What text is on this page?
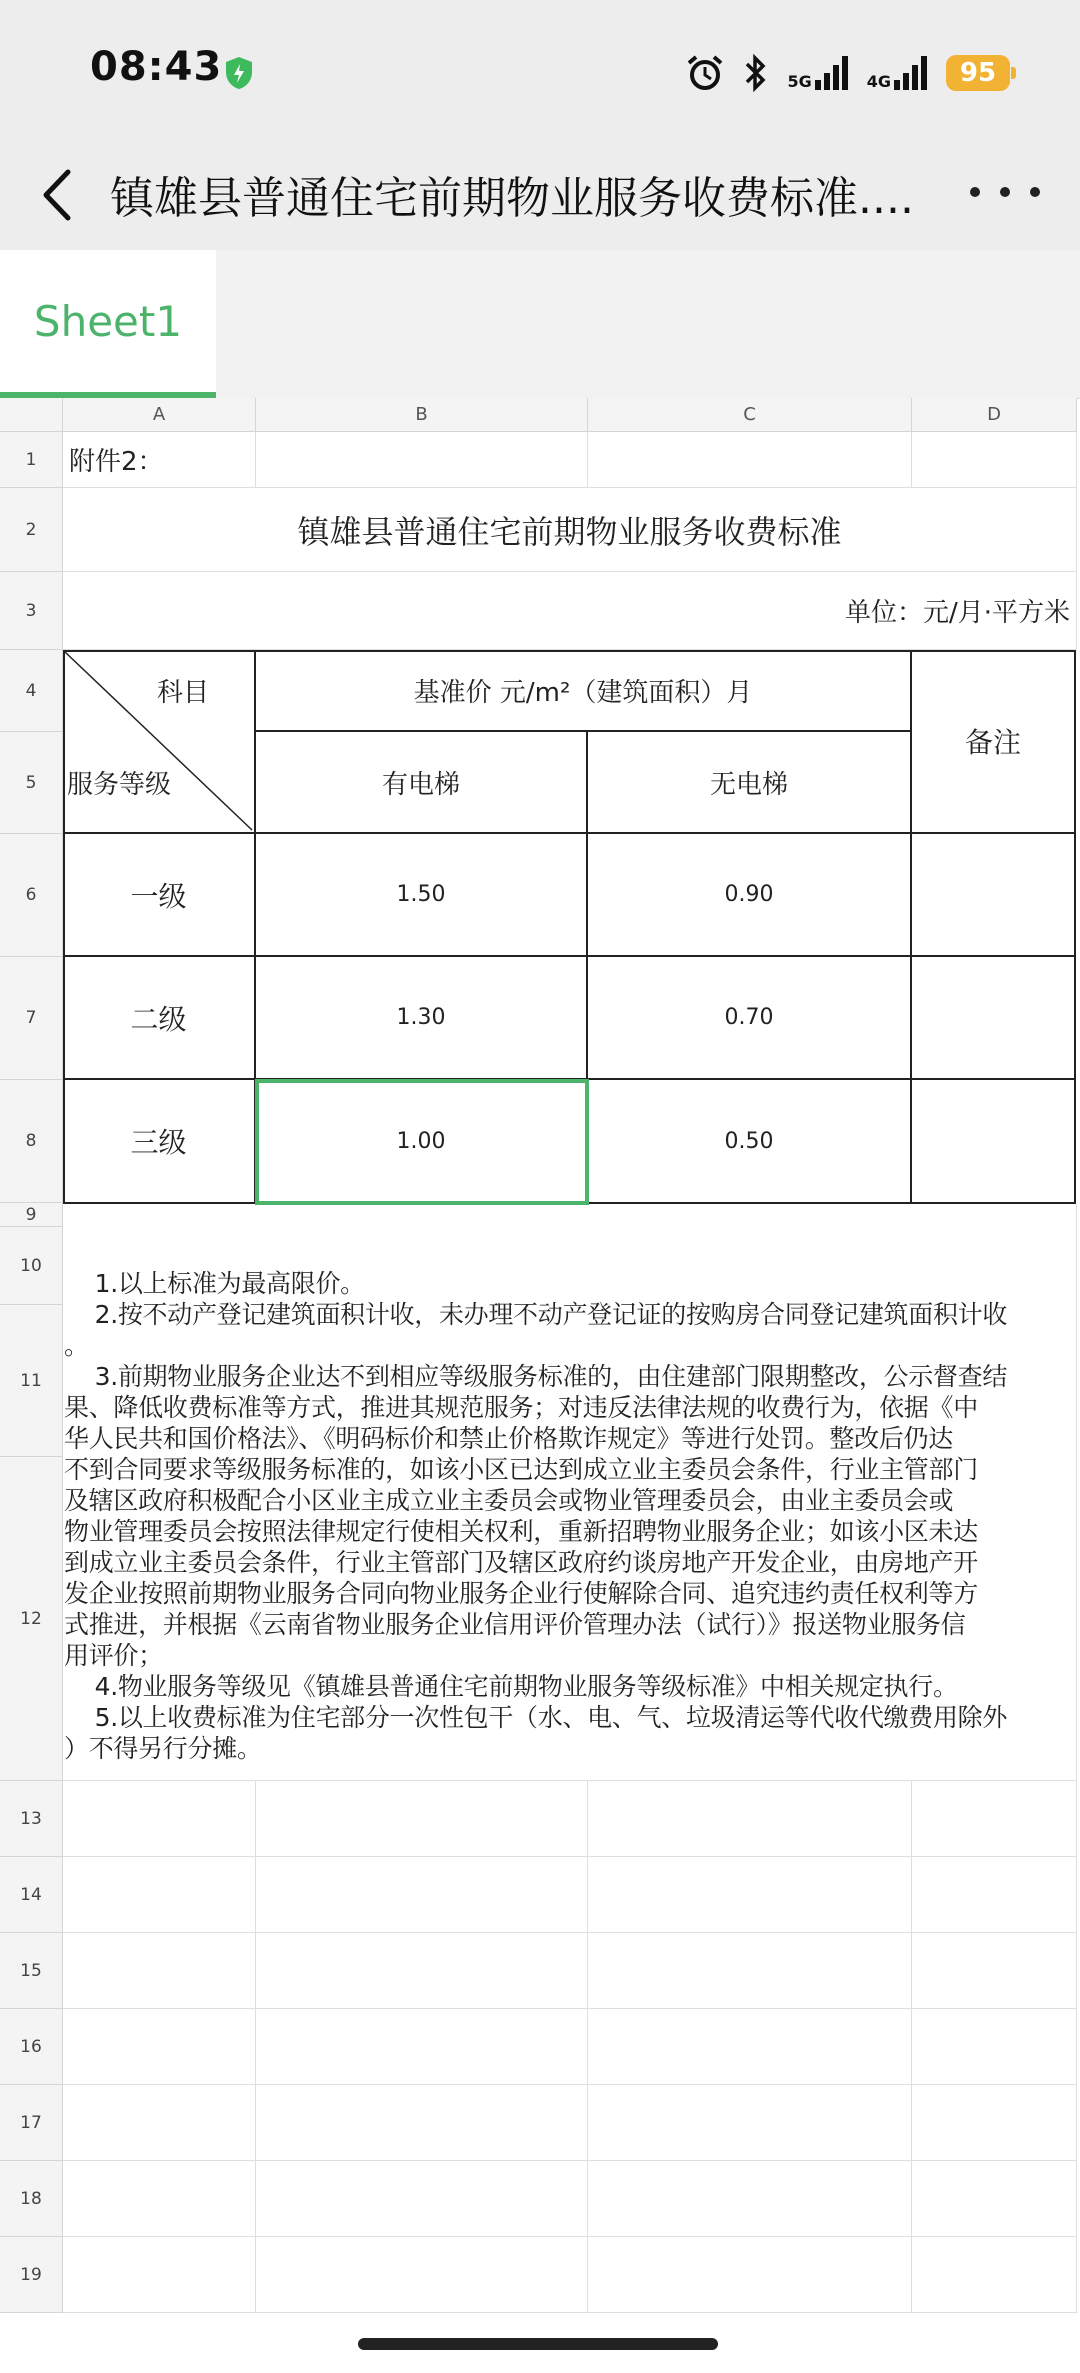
08:43	5G	4G	95
镇雄县普通住宅前期物业服务收费标准....
Sheet1
A	B	C	D
1
2
3
4
5
6
7
8
9
10
11
12
13
14
15
16
17
18
19
附件2：
镇雄县普通住宅前期物业服务收费标准
单位：元/月·平方米
科目
服务等级
基准价 元/m²（建筑面积）月
备注
有电梯	无电梯
一级	1.50	0.90
二级	1.30	0.70
三级	1.00	0.50

1.以上标准为最高限价。

2.按不动产登记建筑面积计收，未办理不动产登记证的按购房合同登记建筑面积计收
。

3.前期物业服务企业达不到相应等级服务标准的，由住建部门限期整改，公示督查结
果、降低收费标准等方式，推进其规范服务；对违反法律法规的收费行为，依据《中
华人民共和国价格法》、《明码标价和禁止价格欺诈规定》等进行处罚。整改后仍达
不到合同要求等级服务标准的，如该小区已达到成立业主委员会条件，行业主管部门
及辖区政府积极配合小区业主成立业主委员会或物业管理委员会，由业主委员会或
物业管理委员会按照法律规定行使相关权利，重新招聘物业服务企业；如该小区未达
到成立业主委员会条件，行业主管部门及辖区政府约谈房地产开发企业，由房地产开
发企业按照前期物业服务合同向物业服务企业行使解除合同、追究违约责任权利等方
式推进，并根据《云南省物业服务企业信用评价管理办法（试行）》报送物业服务信
用评价；

4.物业服务等级见《镇雄县普通住宅前期物业服务等级标准》中相关规定执行。

5.以上收费标准为住宅部分一次性包干（水、电、气、垃圾清运等代收代缴费用除外
）不得另行分摊。
